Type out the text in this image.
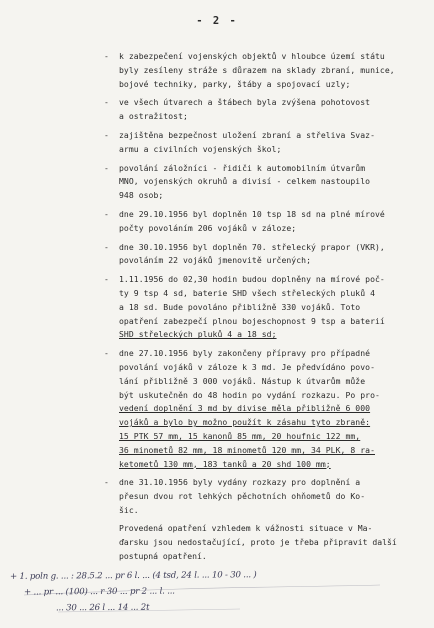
- 2 -
- k zabezpečení vojenských objektů v hloubce území státu
byly zesíleny stráže s důrazem na sklady zbraní, munice,
bojové techniky, parky, štáby a spojovací uzly;
- ve všech útvarech a štábech byla zvýšena pohotovost
a ostražitost;
- zajištěna bezpečnost uložení zbraní a střeliva Svaz-
armu a civilních vojenských škol;
- povolání záložníci - řidiči k automobilním útvarům
MNO, vojenských okruhů a divisí - celkem nastoupilo
948 osob;
- dne 29.10.1956 byl doplněn 10 tsp 18 sd na plné mírové
počty povoláním 206 vojáků v záloze;
- dne 30.10.1956 byl doplněn 70. střelecký prapor (VKR),
povoláním 22 vojáků jmenovitě určených;
- 1.11.1956 do 02,30 hodin budou doplněny na mírové poč-
ty 9 tsp 4 sd, baterie SHD všech střeleckých pluků 4
a 18 sd. Bude povoláno přibližně 330 vojáků. Toto
opatření zabezpečí plnou bojeschopnost 9 tsp a baterií
SHD střeleckých pluků 4 a 18 sd;
- dne 27.10.1956 byly zakončeny přípravy pro případné
povolání vojáků v záloze k 3 md. Je předvídáno povo-
lání přibližně 3 000 vojáků. Nástup k útvarům může
být uskutečněn do 48 hodin po vydání rozkazu. Po pro-
vedení doplnění 3 md by divise měla přibližně 6 000
vojáků a bylo by možno použít k zásahu tyto zbraně:
15 PTK 57 mm, 15 kanonů 85 mm, 20 houfnic 122 mm,
36 minometů 82 mm, 18 minometů 120 mm, 34 PLK, 8 ra-
ketometů 130 mm, 183 tanků a 20 shd 100 mm;
- dne 31.10.1956 byly vydány rozkazy pro doplnění a
přesun dvou rot lehkých pěchotních ohňometů do Ko-
šic.
Provedená opatření vzhledem k vážnosti situace v Ma-
ďarsku jsou nedostačující, proto je třeba připravit další
postupná opatření.
+ 1. poln g. ... : 28.5.2 ... pr 6 l. ... (4 tsd, 24 l. ... 10 - 30 ... )
+ ... pr ... (100) ... r 30 ... pr 2 ... l. ...
... 30 ... 26 l ... 14 ... 2t
